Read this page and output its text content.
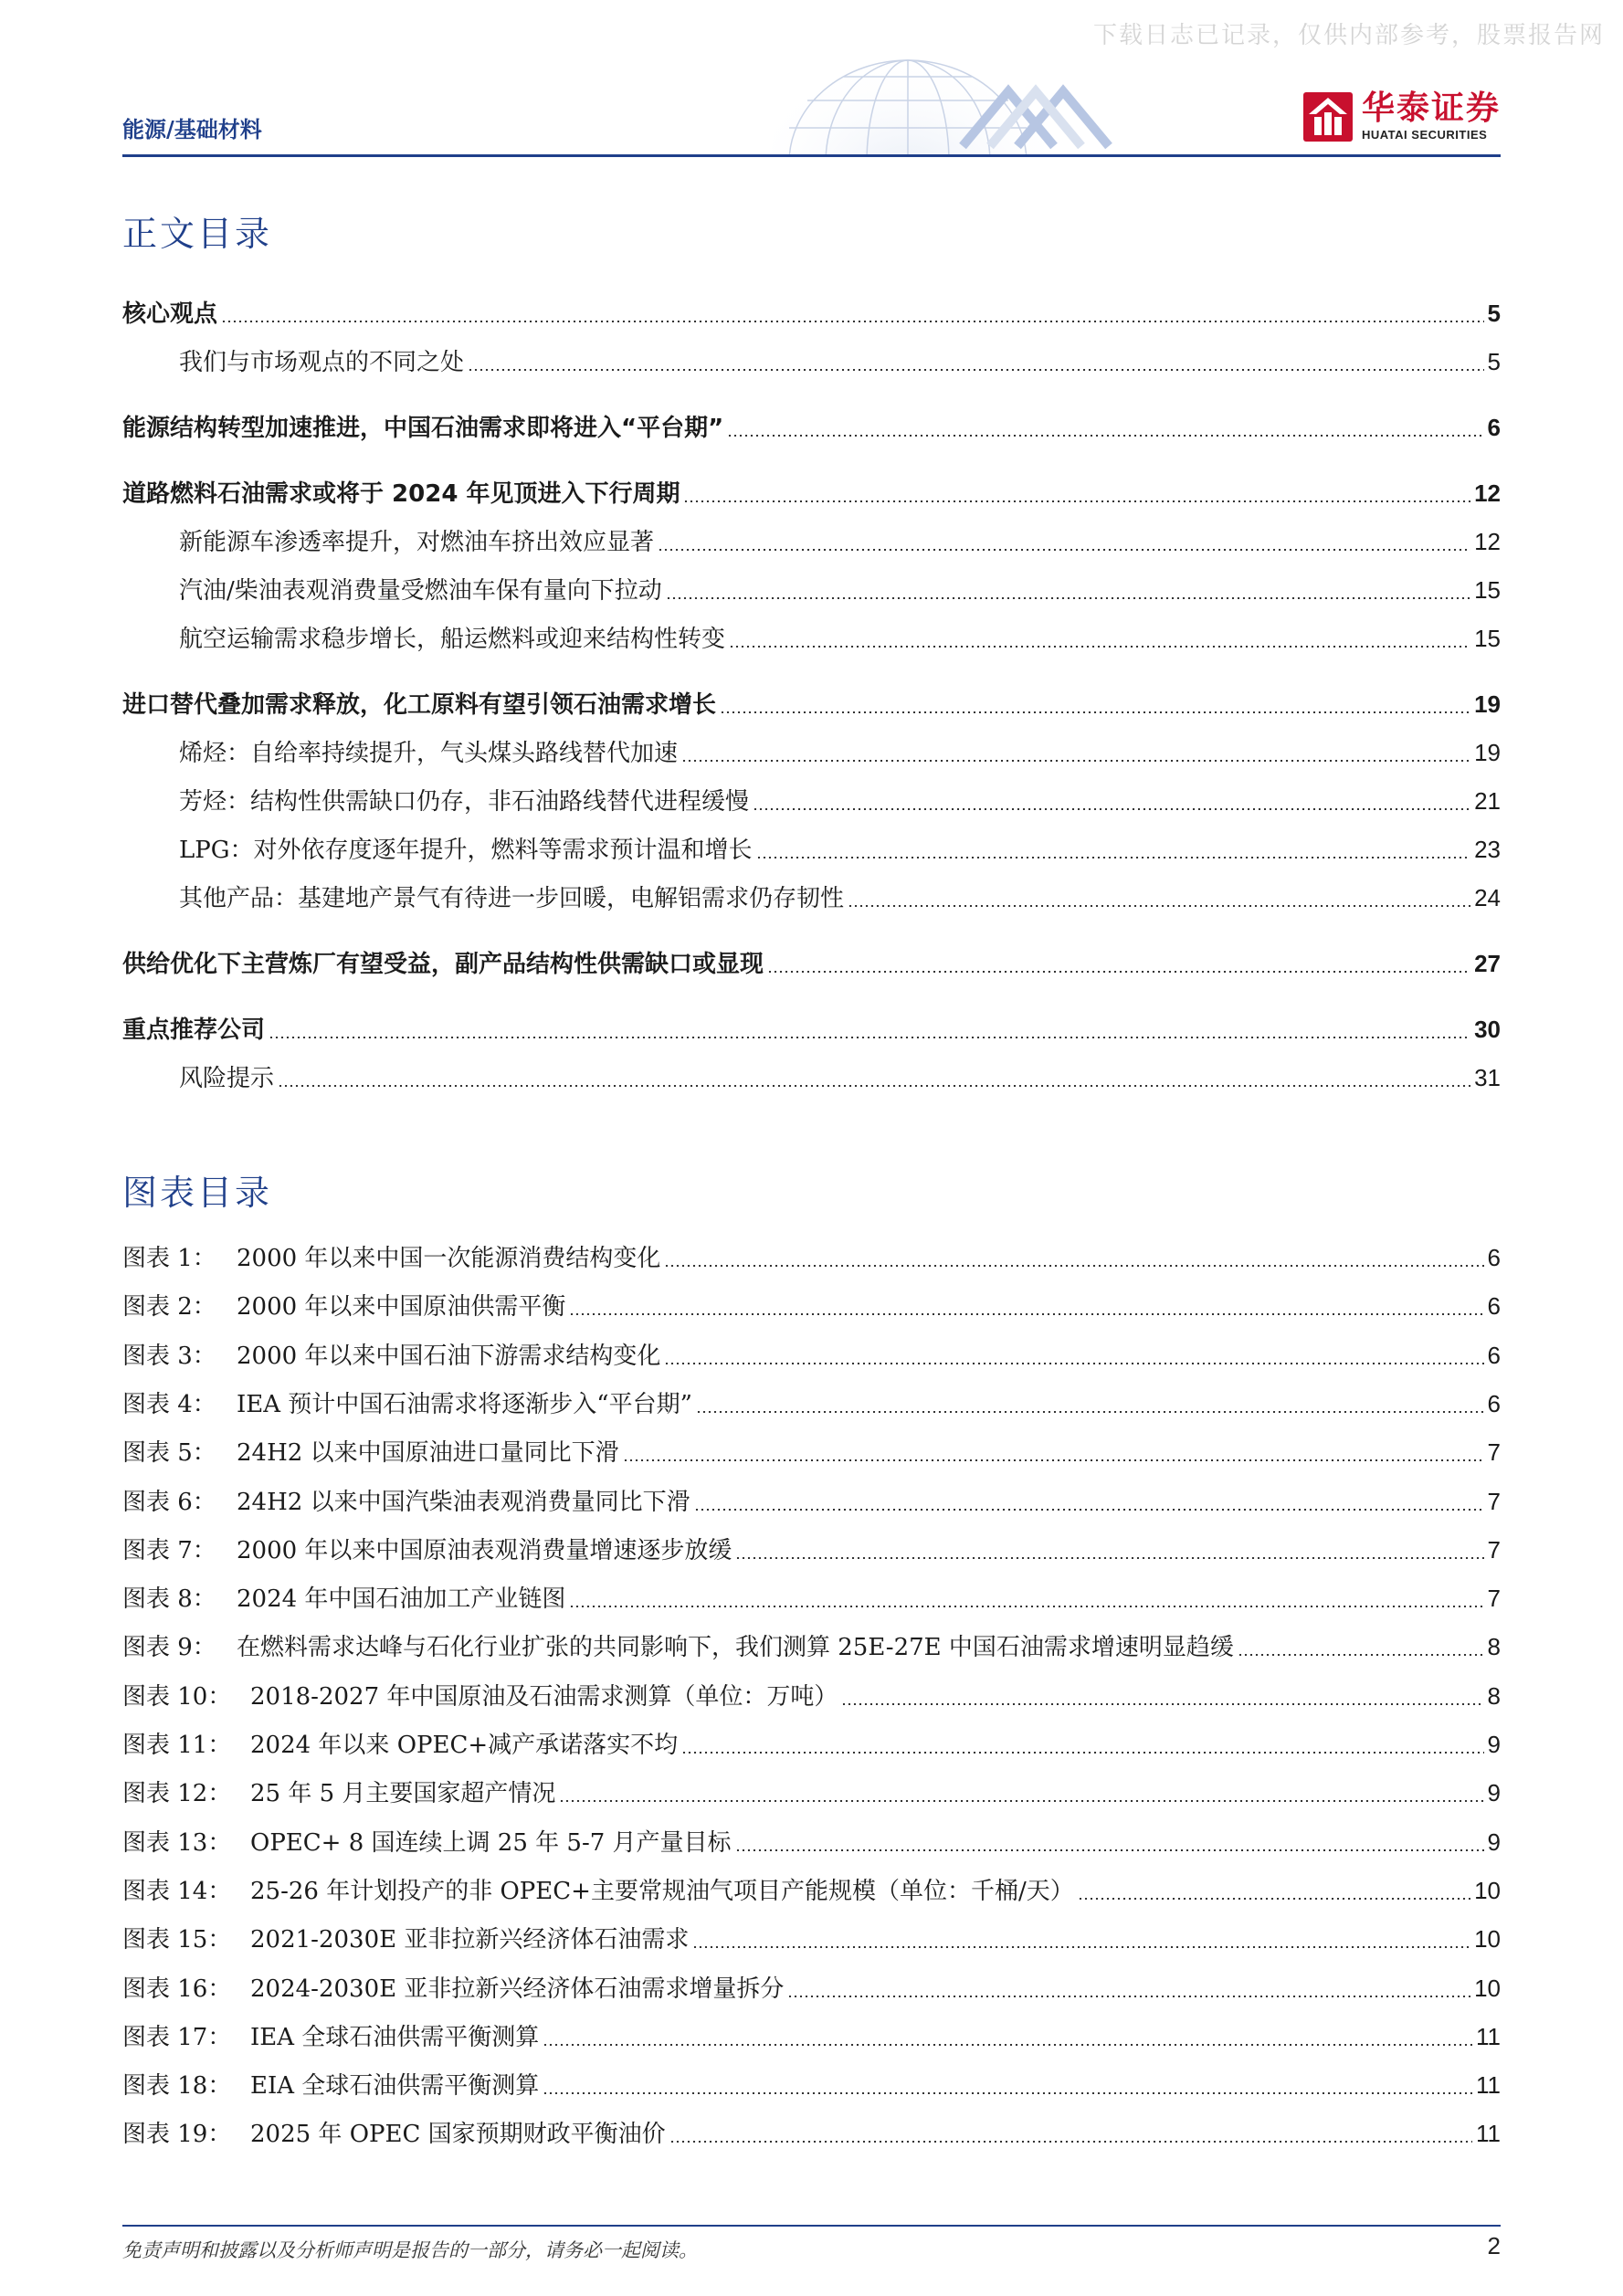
下载日志已记录，仅供内部参考，股票报告网
能源/基础材料
华泰证券
HUATAI SECURITIES
正文目录
核心观点	5
我们与市场观点的不同之处	5
能源结构转型加速推进，中国石油需求即将进入“平台期”	6
道路燃料石油需求或将于 2024 年见顶进入下行周期	12
新能源车渗透率提升，对燃油车挤出效应显著	12
汽油/柴油表观消费量受燃油车保有量向下拉动	15
航空运输需求稳步增长，船运燃料或迎来结构性转变	15
进口替代叠加需求释放，化工原料有望引领石油需求增长	19
烯烃：自给率持续提升，气头煤头路线替代加速	19
芳烃：结构性供需缺口仍存，非石油路线替代进程缓慢	21
LPG：对外依存度逐年提升，燃料等需求预计温和增长	23
其他产品：基建地产景气有待进一步回暖，电解铝需求仍存韧性	24
供给优化下主营炼厂有望受益，副产品结构性供需缺口或显现	27
重点推荐公司	30
风险提示	31
图表目录
图表 1： 2000 年以来中国一次能源消费结构变化	6
图表 2： 2000 年以来中国原油供需平衡	6
图表 3： 2000 年以来中国石油下游需求结构变化	6
图表 4： IEA 预计中国石油需求将逐渐步入“平台期”	6
图表 5： 24H2 以来中国原油进口量同比下滑	7
图表 6： 24H2 以来中国汽柴油表观消费量同比下滑	7
图表 7： 2000 年以来中国原油表观消费量增速逐步放缓	7
图表 8： 2024 年中国石油加工产业链图	7
图表 9： 在燃料需求达峰与石化行业扩张的共同影响下，我们测算 25E-27E 中国石油需求增速明显趋缓	8
图表 10： 2018-2027 年中国原油及石油需求测算（单位：万吨）	8
图表 11： 2024 年以来 OPEC+减产承诺落实不均	9
图表 12： 25 年 5 月主要国家超产情况	9
图表 13： OPEC+ 8 国连续上调 25 年 5-7 月产量目标	9
图表 14： 25-26 年计划投产的非 OPEC+主要常规油气项目产能规模（单位：千桶/天）	10
图表 15： 2021-2030E 亚非拉新兴经济体石油需求	10
图表 16： 2024-2030E 亚非拉新兴经济体石油需求增量拆分	10
图表 17： IEA 全球石油供需平衡测算	11
图表 18： EIA 全球石油供需平衡测算	11
图表 19： 2025 年 OPEC 国家预期财政平衡油价	11
免责声明和披露以及分析师声明是报告的一部分，请务必一起阅读。	2
